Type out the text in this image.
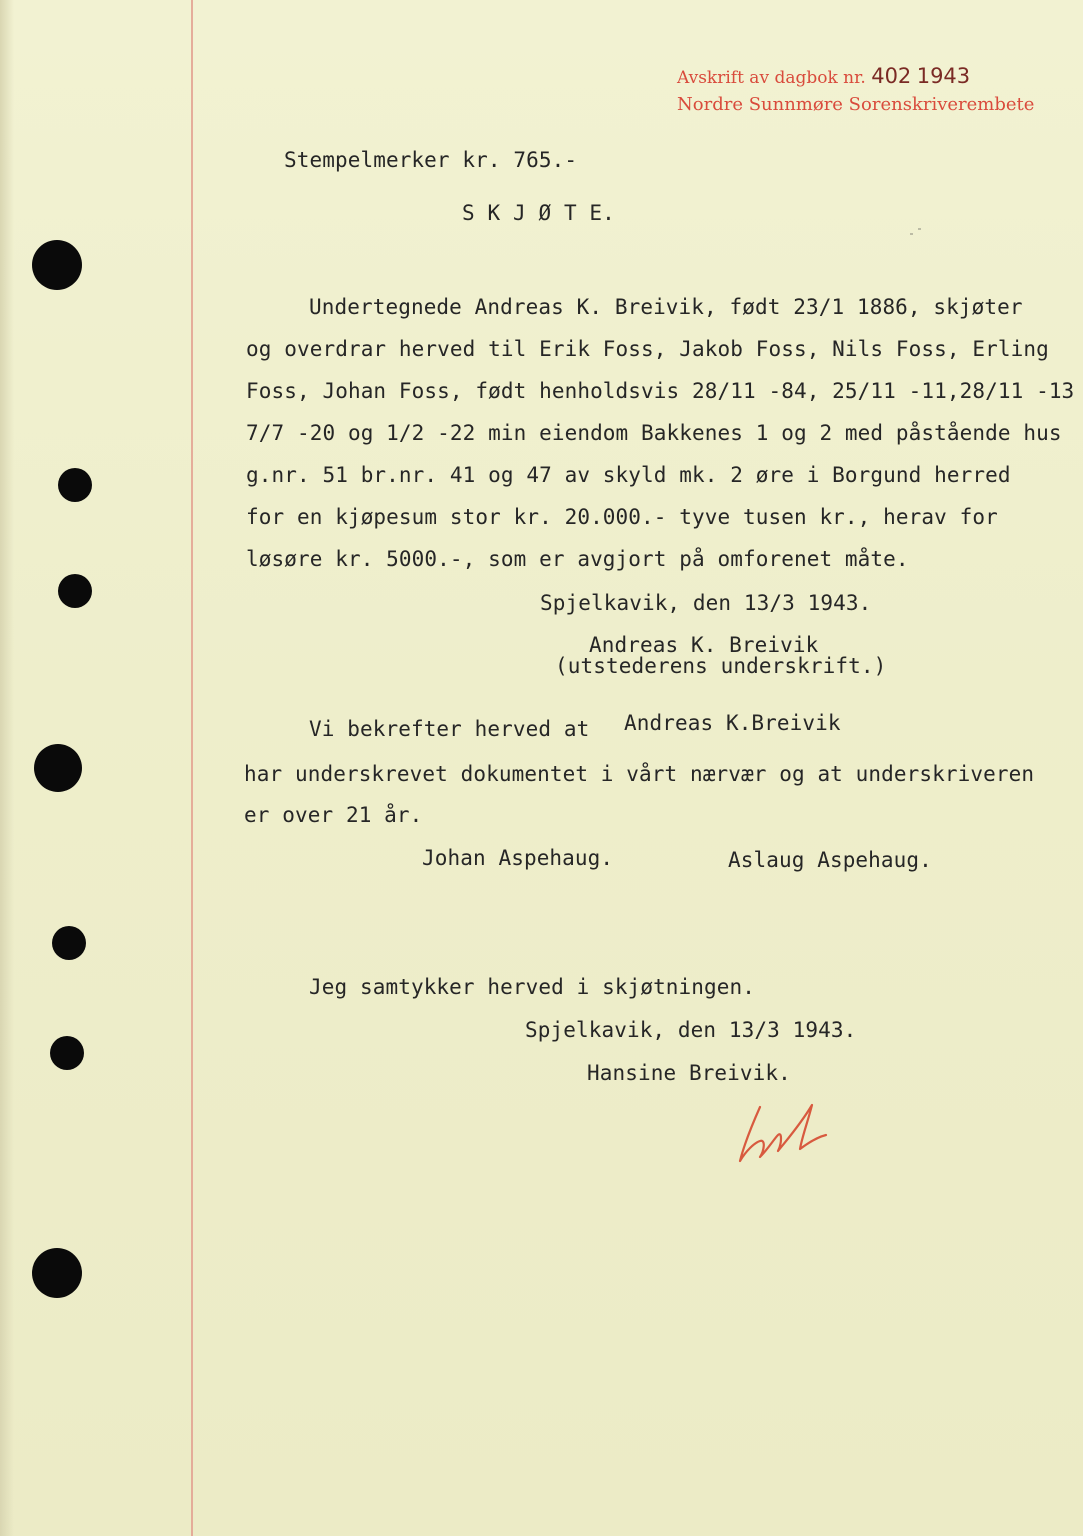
Avskrift av dagbok nr. 402 1943
Nordre Sunnmøre Sorenskriverembete
Stempelmerker kr. 765.-
S K J Ø T E.
Undertegnede Andreas K. Breivik, født 23/1 1886, skjøter
og overdrar herved til Erik Foss, Jakob Foss, Nils Foss, Erling
Foss, Johan Foss, født henholdsvis 28/11 -84, 25/11 -11,28/11 -13
7/7 -20 og 1/2 -22 min eiendom Bakkenes 1 og 2 med påstående hus
g.nr. 51 br.nr. 41 og 47 av skyld mk. 2 øre i Borgund herred
for en kjøpesum stor kr. 20.000.- tyve tusen kr., herav for
løsøre kr. 5000.-, som er avgjort på omforenet måte.
Spjelkavik, den 13/3 1943.
Andreas K. Breivik
(utstederens underskrift.)
Vi bekrefter herved at Andreas K.Breivik
har underskrevet dokumentet i vårt nærvær og at underskriveren
er over 21 år.
Johan Aspehaug.	Aslaug Aspehaug.
Jeg samtykker herved i skjøtningen.
Spjelkavik, den 13/3 1943.
Hansine Breivik.
